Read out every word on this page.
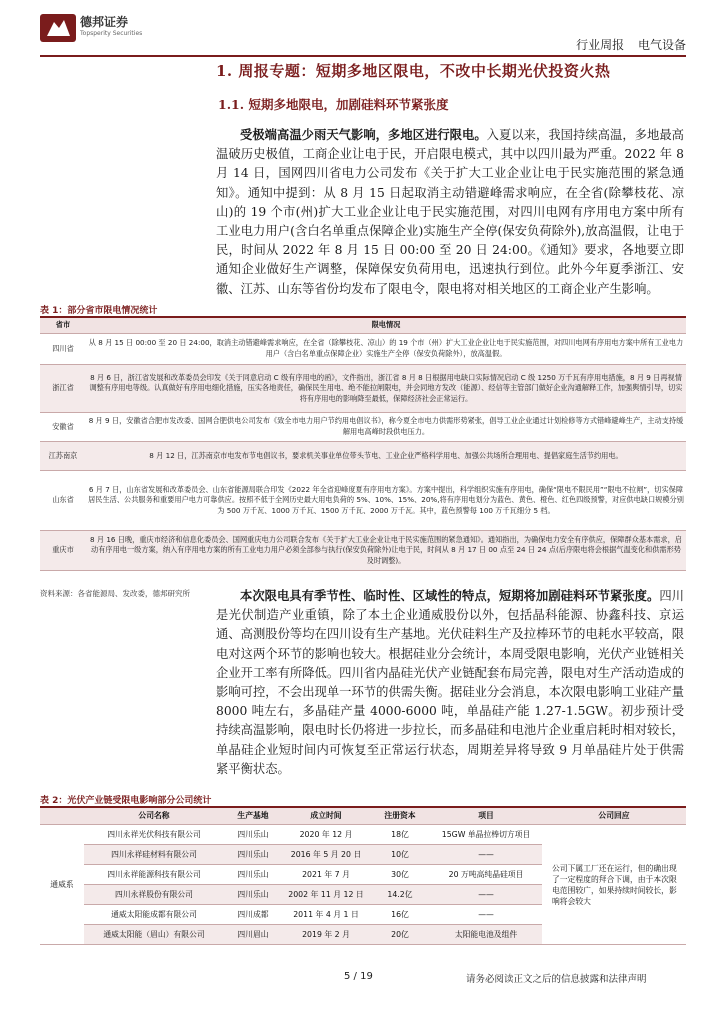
德邦证券
Topsperity Securities
行业周报 电气设备
1. 周报专题：短期多地区限电，不改中长期光伏投资火热
1.1. 短期多地限电，加剧硅料环节紧张度
受极端高温少雨天气影响，多地区进行限电。入夏以来，我国持续高温，多地最高温破历史极值，工商企业让电于民，开启限电模式，其中以四川最为严重。2022 年 8 月 14 日，国网四川省电力公司发布《关于扩大工业企业让电于民实施范围的紧急通知》。通知中提到：从 8 月 15 日起取消主动错避峰需求响应，在全省(除攀枝花、凉山)的 19 个市(州)扩大工业企业让电于民实施范围，对四川电网有序用电方案中所有工业电力用户(含白名单重点保障企业)实施生产全停(保安负荷除外),放高温假，让电于民，时间从 2022 年 8 月 15 日 00:00 至 20 日 24:00。《通知》要求，各地要立即通知企业做好生产调整，保障保安负荷用电，迅速执行到位。此外今年夏季浙江、安徽、江苏、山东等省份均发布了限电令，限电将对相关地区的工商企业产生影响。
表 1：部分省市限电情况统计
省市	限电情况
四川省	从 8 月 15 日 00:00 至 20 日 24:00，取消主动错避峰需求响应，在全省（除攀枝花、凉山）的 19 个市（州）扩大工业企业让电于民实施范围，对四川电网有序用电方案中所有工业电力用户（含白名单重点保障企业）实施生产全停（保安负荷除外），放高温假。
浙江省	8 月 6 日，浙江省发展和改革委员会印发《关于同意启动 C 级有序用电的函》，文件指出，浙江省 8 月 8 日根据用电缺口实际情况启动 C 级 1250 万千瓦有序用电措施，8 月 9 日再视情调整有序用电等级。认真做好有序用电细化措施，压实各地责任，确保民生用电、绝不能拉闸限电，并会同地方发改（能源）、经信等主管部门做好企业沟通解释工作，加强舆情引导，切实将有序用电的影响降至最低，保障经济社会正常运行。
安徽省	8 月 9 日，安徽省合肥市发改委、国网合肥供电公司发布《致全市电力用户节约用电倡议书》，称今夏全市电力供需形势紧张，倡导工业企业通过计划检修等方式错峰避峰生产，主动支持缓解用电高峰时段供电压力。
江苏南京	8 月 12 日，江苏南京市电发布节电倡议书，要求机关事业单位带头节电、工业企业严格科学用电、加强公共场所合理用电、提倡家庭生活节约用电。
山东省	6 月 7 日，山东省发展和改革委员会、山东省能源局联合印发《2022 年全省迎峰度夏有序用电方案》。方案中提出，科学组织实施有序用电，确保“限电不限民用”“限电不拉闸”，切实保障居民生活、公共服务和重要用户电力可靠供应。按照不低于全网历史最大用电负荷的 5%、10%、15%、20%,将有序用电划分为蓝色、黄色、橙色、红色四级预警，对应供电缺口规模分别为 500 万千瓦、1000 万千瓦、1500 万千瓦、2000 万千瓦。其中，蓝色预警每 100 万千瓦细分 5 档。
重庆市	8 月 16 日晚，重庆市经济和信息化委员会、国网重庆电力公司联合发布《关于扩大工业企业让电于民实施范围的紧急通知》。通知指出，为确保电力安全有序供应，保障群众基本需求，启动有序用电一级方案，纳入有序用电方案的所有工业电力用户必须全部参与执行(保安负荷除外)让电于民，时间从 8 月 17 日 00 点至 24 日 24 点(后序限电将会根据气温变化和供需形势及时调整)。
资料来源：各省能源局、发改委，德邦研究所	本次限电具有季节性、临时性、区域性的特点，短期将加剧硅料环节紧张度。四川是光伏制造产业重镇，除了本土企业通威股份以外，包括晶科能源、协鑫科技、京运通、高测股份等均在四川设有生产基地。光伏硅料生产及拉棒环节的电耗水平较高，限电对这两个环节的影响也较大。根据硅业分会统计，本周受限电影响，光伏产业链相关企业开工率有所降低。四川省内晶硅光伏产业链配套布局完善，限电对生产活动造成的影响可控，不会出现单一环节的供需失衡。据硅业分会消息，本次限电影响工业硅产量 8000 吨左右，多晶硅产量 4000-6000 吨，单晶硅产能 1.27-1.5GW。初步预计受持续高温影响，限电时长仍将进一步拉长，而多晶硅和电池片企业重启耗时相对较长，单晶硅企业短时间内可恢复至正常运行状态，周期差异将导致 9 月单晶硅片处于供需紧平衡状态。
表 2：光伏产业链受限电影响部分公司统计
	公司名称	生产基地	成立时间	注册资本	项目	公司回应
通威系	四川永祥光伏科技有限公司	四川乐山	2020 年 12 月	18亿	15GW 单晶拉棒切方项目	公司下属工厂还在运行，但的确出现了一定程度的拜合下调，由于本次限电范围较广，如果持续时间较长，影响将会较大
	四川永祥硅材料有限公司	四川乐山	2016 年 5 月 20 日	10亿	——	
	四川永祥能源科技有限公司	四川乐山	2021 年 7 月	30亿	20 万吨高纯晶硅项目	
	四川永祥股份有限公司	四川乐山	2002 年 11 月 12 日	14.2亿	——	
	通威太阳能成都有限公司	四川成都	2011 年 4 月 1 日	16亿	——	
	通威太阳能（眉山）有限公司	四川眉山	2019 年 2 月	20亿	太阳能电池及组件	
5 / 19	请务必阅读正文之后的信息披露和法律声明
